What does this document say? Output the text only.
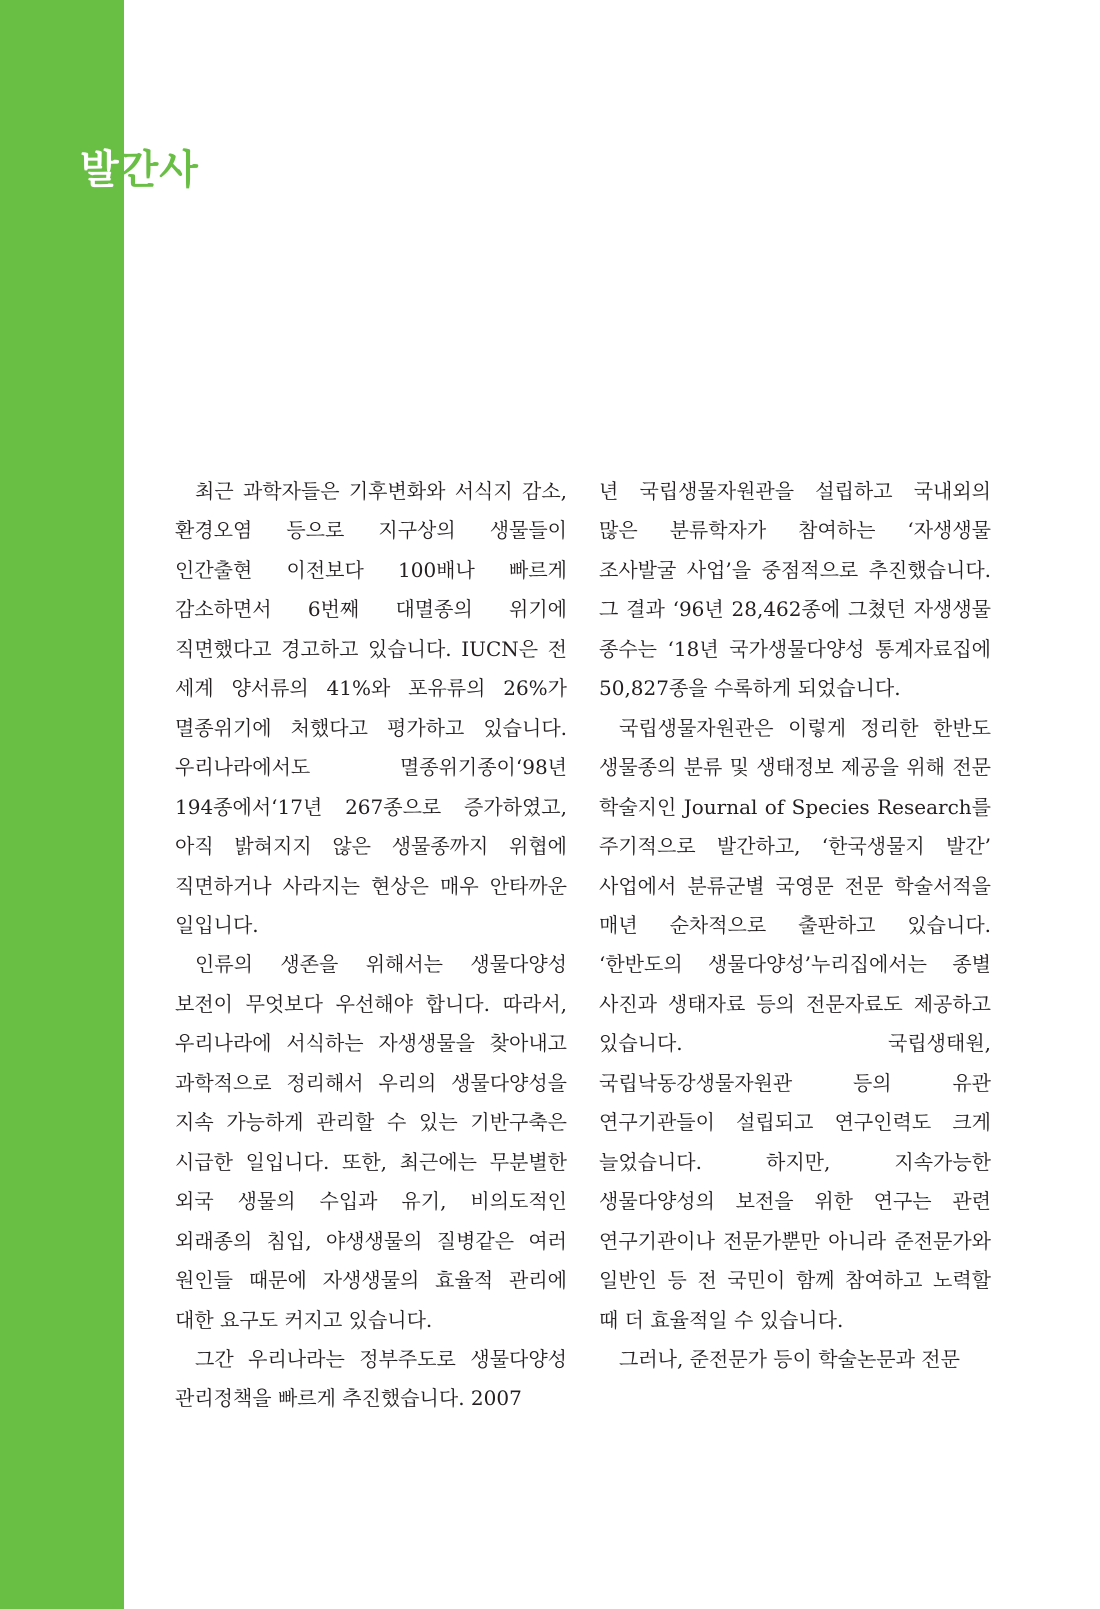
발간사

최근 과학자들은 기후변화와 서식지 감소, 환경오염 등으로 지구상의 생물들이 인간출현 이전보다 100배나 빠르게 감소하면서 6번째 대멸종의 위기에 직면했다고 경고하고 있습니다. IUCN은 전 세계 양서류의 41%와 포유류의 26%가 멸종위기에 처했다고 평가하고 있습니다. 우리나라에서도 멸종위기종이‘98년 194종에서‘17년 267종으로 증가하였고, 아직 밝혀지지 않은 생물종까지 위협에 직면하거나 사라지는 현상은 매우 안타까운 일입니다.

인류의 생존을 위해서는 생물다양성 보전이 무엇보다 우선해야 합니다. 따라서, 우리나라에 서식하는 자생생물을 찾아내고 과학적으로 정리해서 우리의 생물다양성을 지속 가능하게 관리할 수 있는 기반구축은 시급한 일입니다. 또한, 최근에는 무분별한 외국 생물의 수입과 유기, 비의도적인 외래종의 침입, 야생생물의 질병같은 여러 원인들 때문에 자생생물의 효율적 관리에 대한 요구도 커지고 있습니다.

그간 우리나라는 정부주도로 생물다양성 관리정책을 빠르게 추진했습니다. 2007

년 국립생물자원관을 설립하고 국내외의 많은 분류학자가 참여하는 ‘자생생물 조사발굴 사업’을 중점적으로 추진했습니다. 그 결과 ‘96년 28,462종에 그쳤던 자생생물 종수는 ‘18년 국가생물다양성 통계자료집에 50,827종을 수록하게 되었습니다.

국립생물자원관은 이렇게 정리한 한반도 생물종의 분류 및 생태정보 제공을 위해 전문 학술지인 Journal of Species Research를 주기적으로 발간하고, ‘한국생물지 발간’ 사업에서 분류군별 국영문 전문 학술서적을 매년 순차적으로 출판하고 있습니다. ‘한반도의 생물다양성’누리집에서는 종별 사진과 생태자료 등의 전문자료도 제공하고 있습니다. 국립생태원, 국립낙동강생물자원관 등의 유관 연구기관들이 설립되고 연구인력도 크게 늘었습니다. 하지만, 지속가능한 생물다양성의 보전을 위한 연구는 관련 연구기관이나 전문가뿐만 아니라 준전문가와 일반인 등 전 국민이 함께 참여하고 노력할 때 더 효율적일 수 있습니다.

그러나, 준전문가 등이 학술논문과 전문
